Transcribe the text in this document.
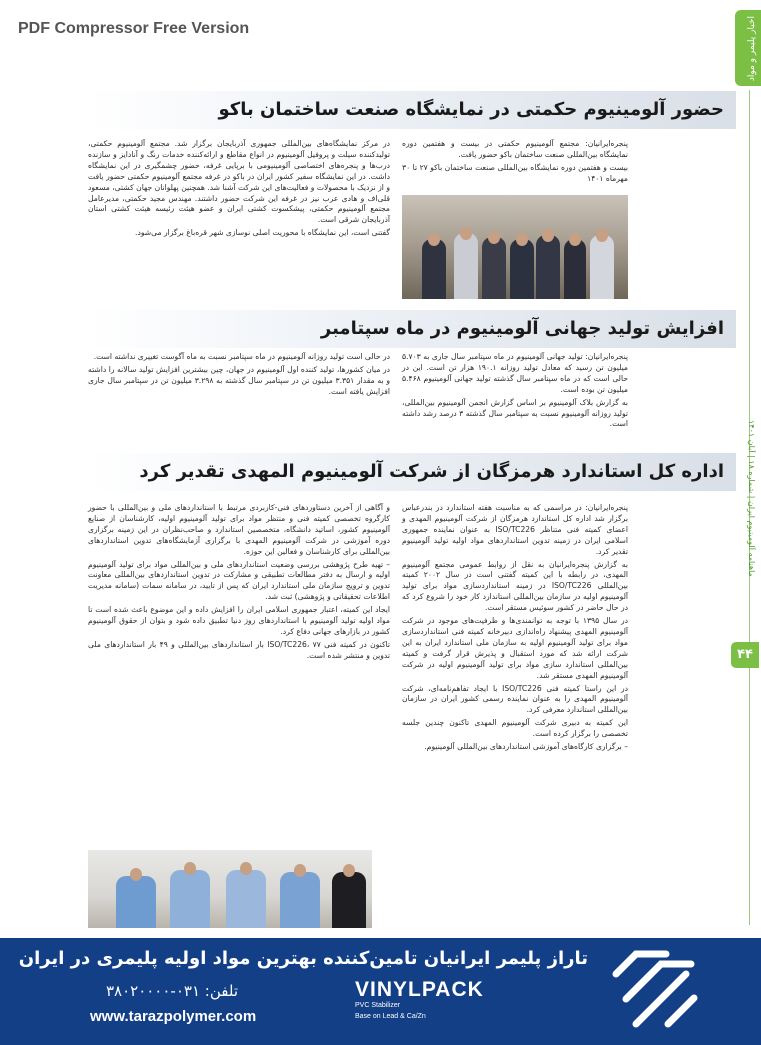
PDF Compressor Free Version	اخبار پلیمر و مواد
ماهنامه آلومینیوم ایران | شماره ۱۸ | آبان ۱۴۰۱
۴۴
حضور آلومینیوم حکمتی در نمایشگاه صنعت ساختمان باکو

پنجره‌ایرانیان: مجتمع آلومینیوم حکمتی در بیست و هفتمین دوره نمایشگاه بین‌المللی صنعت ساختمان باکو حضور یافت.

بیست و هفتمین دوره نمایشگاه بین‌المللی صنعت ساختمان باکو ۲۷ تا ۳۰ مهرماه ۱۴۰۱

در مرکز نمایشگاه‌های بین‌المللی جمهوری آذربایجان برگزار شد. مجتمع آلومینیوم حکمتی، تولیدکننده سیلت و پروفیل آلومینیوم در انواع مقاطع و ارائه‌کننده خدمات رنگ و آنادایز و سازنده درب‌ها و پنجره‌های اختصاصی آلومینیومی با برپایی غرفه، حضور چشمگیری در این نمایشگاه داشت. در این نمایشگاه سفیر کشور ایران در باکو در غرفه مجتمع آلومینیوم حکمتی حضور یافت و از نزدیک با محصولات و فعالیت‌های این شرکت آشنا شد. همچنین پهلوانان جهان کشتی، مسعود قلی‌اف و هادی عرب نیز در غرفه این شرکت حضور داشتند. مهندس مجید حکمتی، مدیرعامل مجتمع آلومینیوم حکمتی، پیشکسوت کشتی ایران و عضو هیئت رئیسه هیئت کشتی استان آذربایجان شرقی است.

گفتنی است، این نمایشگاه با محوریت اصلی نوسازی شهر قره‌باغ برگزار می‌شود.

افزایش تولید جهانی آلومینیوم در ماه سپتامبر

پنجره‌ایرانیان: تولید جهانی آلومینیوم در ماه سپتامبر سال جاری به ۵.۷۰۳ میلیون تن رسید که معادل تولید روزانه ۱۹۰.۱ هزار تن است. این در حالی است که در ماه سپتامبر سال گذشته تولید جهانی آلومینیوم ۵.۴۶۸ میلیون تن بوده است.

به گزارش بلاک آلومینیوم بر اساس گزارش انجمن آلومینیوم بین‌المللی، تولید روزانه آلومینیوم نسبت به سپتامبر سال گذشته ۳ درصد رشد داشته است.

در حالی است تولید روزانه آلومینیوم در ماه سپتامبر نسبت به ماه آگوست تغییری نداشته است.

در میان کشورها، تولید کننده اول آلومینیوم در جهان، چین بیشترین افزایش تولید سالانه را داشته و به مقدار ۳.۳۵۱ میلیون تن در سپتامبر سال گذشته به ۳.۲۹۸ میلیون تن در سپتامبر سال جاری افزایش یافته است.

اداره کل استاندارد هرمزگان از شرکت آلومینیوم المهدی تقدیر کرد

پنجره‌ایرانیان: در مراسمی که به مناسبت هفته استاندارد در بندرعباس برگزار شد اداره کل استاندارد هرمزگان از شرکت آلومینیوم المهدی و اعضای کمیته فنی متناظر ISO/TC226 به عنوان نماینده جمهوری اسلامی ایران در زمینه تدوین استانداردهای مواد اولیه تولید آلومینیوم تقدیر کرد.

به گزارش پنجره‌ایرانیان به نقل از روابط عمومی مجتمع آلومینیوم المهدی، در رابطه با این کمیته گفتنی است در سال ۲۰۰۲ کمیته بین‌المللی ISO/TC226 در زمینه استانداردسازی مواد برای تولید آلومینیوم اولیه در سازمان بین‌المللی استاندارد کار خود را شروع کرد که در حال حاضر در کشور سوئیس مستقر است.

در سال ۱۳۹۵ با توجه به توانمندی‌ها و ظرفیت‌های موجود در شرکت آلومینیوم المهدی پیشنهاد راه‌اندازی دبیرخانه کمیته فنی استانداردسازی مواد برای تولید آلومینیوم اولیه به سازمان ملی استاندارد ایران به این شرکت ارائه شد که مورد استقبال و پذیرش قرار گرفت و کمیته بین‌المللی استاندارد سازی مواد برای تولید آلومینیوم اولیه در شرکت آلومینیوم المهدی مستقر شد.

در این راستا کمیته فنی ISO/TC226 با ایجاد تفاهم‌نامه‌ای، شرکت آلومینیوم المهدی را به عنوان نماینده رسمی کشور ایران در سازمان بین‌المللی استاندارد معرفی کرد.

این کمیته به دبیری شرکت آلومینیوم المهدی تاکنون چندین جلسه تخصصی را برگزار کرده است.

– برگزاری کارگاه‌های آموزشی استانداردهای بین‌المللی آلومینیوم.

و آگاهی از آخرین دستاوردهای فنی-کاربردی مرتبط با استانداردهای ملی و بین‌المللی با حضور کارگروه تخصصی کمیته فنی و منتظر مواد برای تولید آلومینیوم اولیه، کارشناسان از صنایع آلومینیوم کشور، اساتید دانشگاه، متخصصین استاندارد و صاحب‌نظران در این زمینه برگزاری دوره آموزشی در شرکت آلومینیوم المهدی با برگزاری آزمایشگاه‌های تدوین استانداردهای بین‌المللی برای کارشناسان و فعالین این حوزه.

– تهیه طرح پژوهشی بررسی وضعیت استانداردهای ملی و بین‌المللی مواد برای تولید آلومینیوم اولیه و ارسال به دفتر مطالعات تطبیقی و مشارکت در تدوین استانداردهای بین‌المللی معاونت تدوین و ترویج سازمان ملی استاندارد ایران که پس از تایید، در سامانه سمات (سامانه مدیریت اطلاعات تحقیقاتی و پژوهشی) ثبت شد.

ایجاد این کمیته، اعتبار جمهوری اسلامی ایران را افزایش داده و این موضوع باعث شده است تا مواد اولیه تولید آلومینیوم با استانداردهای روز دنیا تطبیق داده شود و بتوان از حقوق آلومینیوم کشور در بازارهای جهانی دفاع کرد.

تاکنون در کمیته فنی ISO/TC226، ۷۷ بار استانداردهای بین‌المللی و ۴۹ بار استانداردهای ملی تدوین و منتشر شده است.

تاراز پلیمر ایرانیان تامین‌کننده بهترین مواد اولیه پلیمری در ایران
تلفن: ۰۳۱-۳۸۰۲۰۰۰۰	VINYLPACK
PVC Stabilizer
Base on Lead & Ca/Zn
www.tarazpolymer.com
